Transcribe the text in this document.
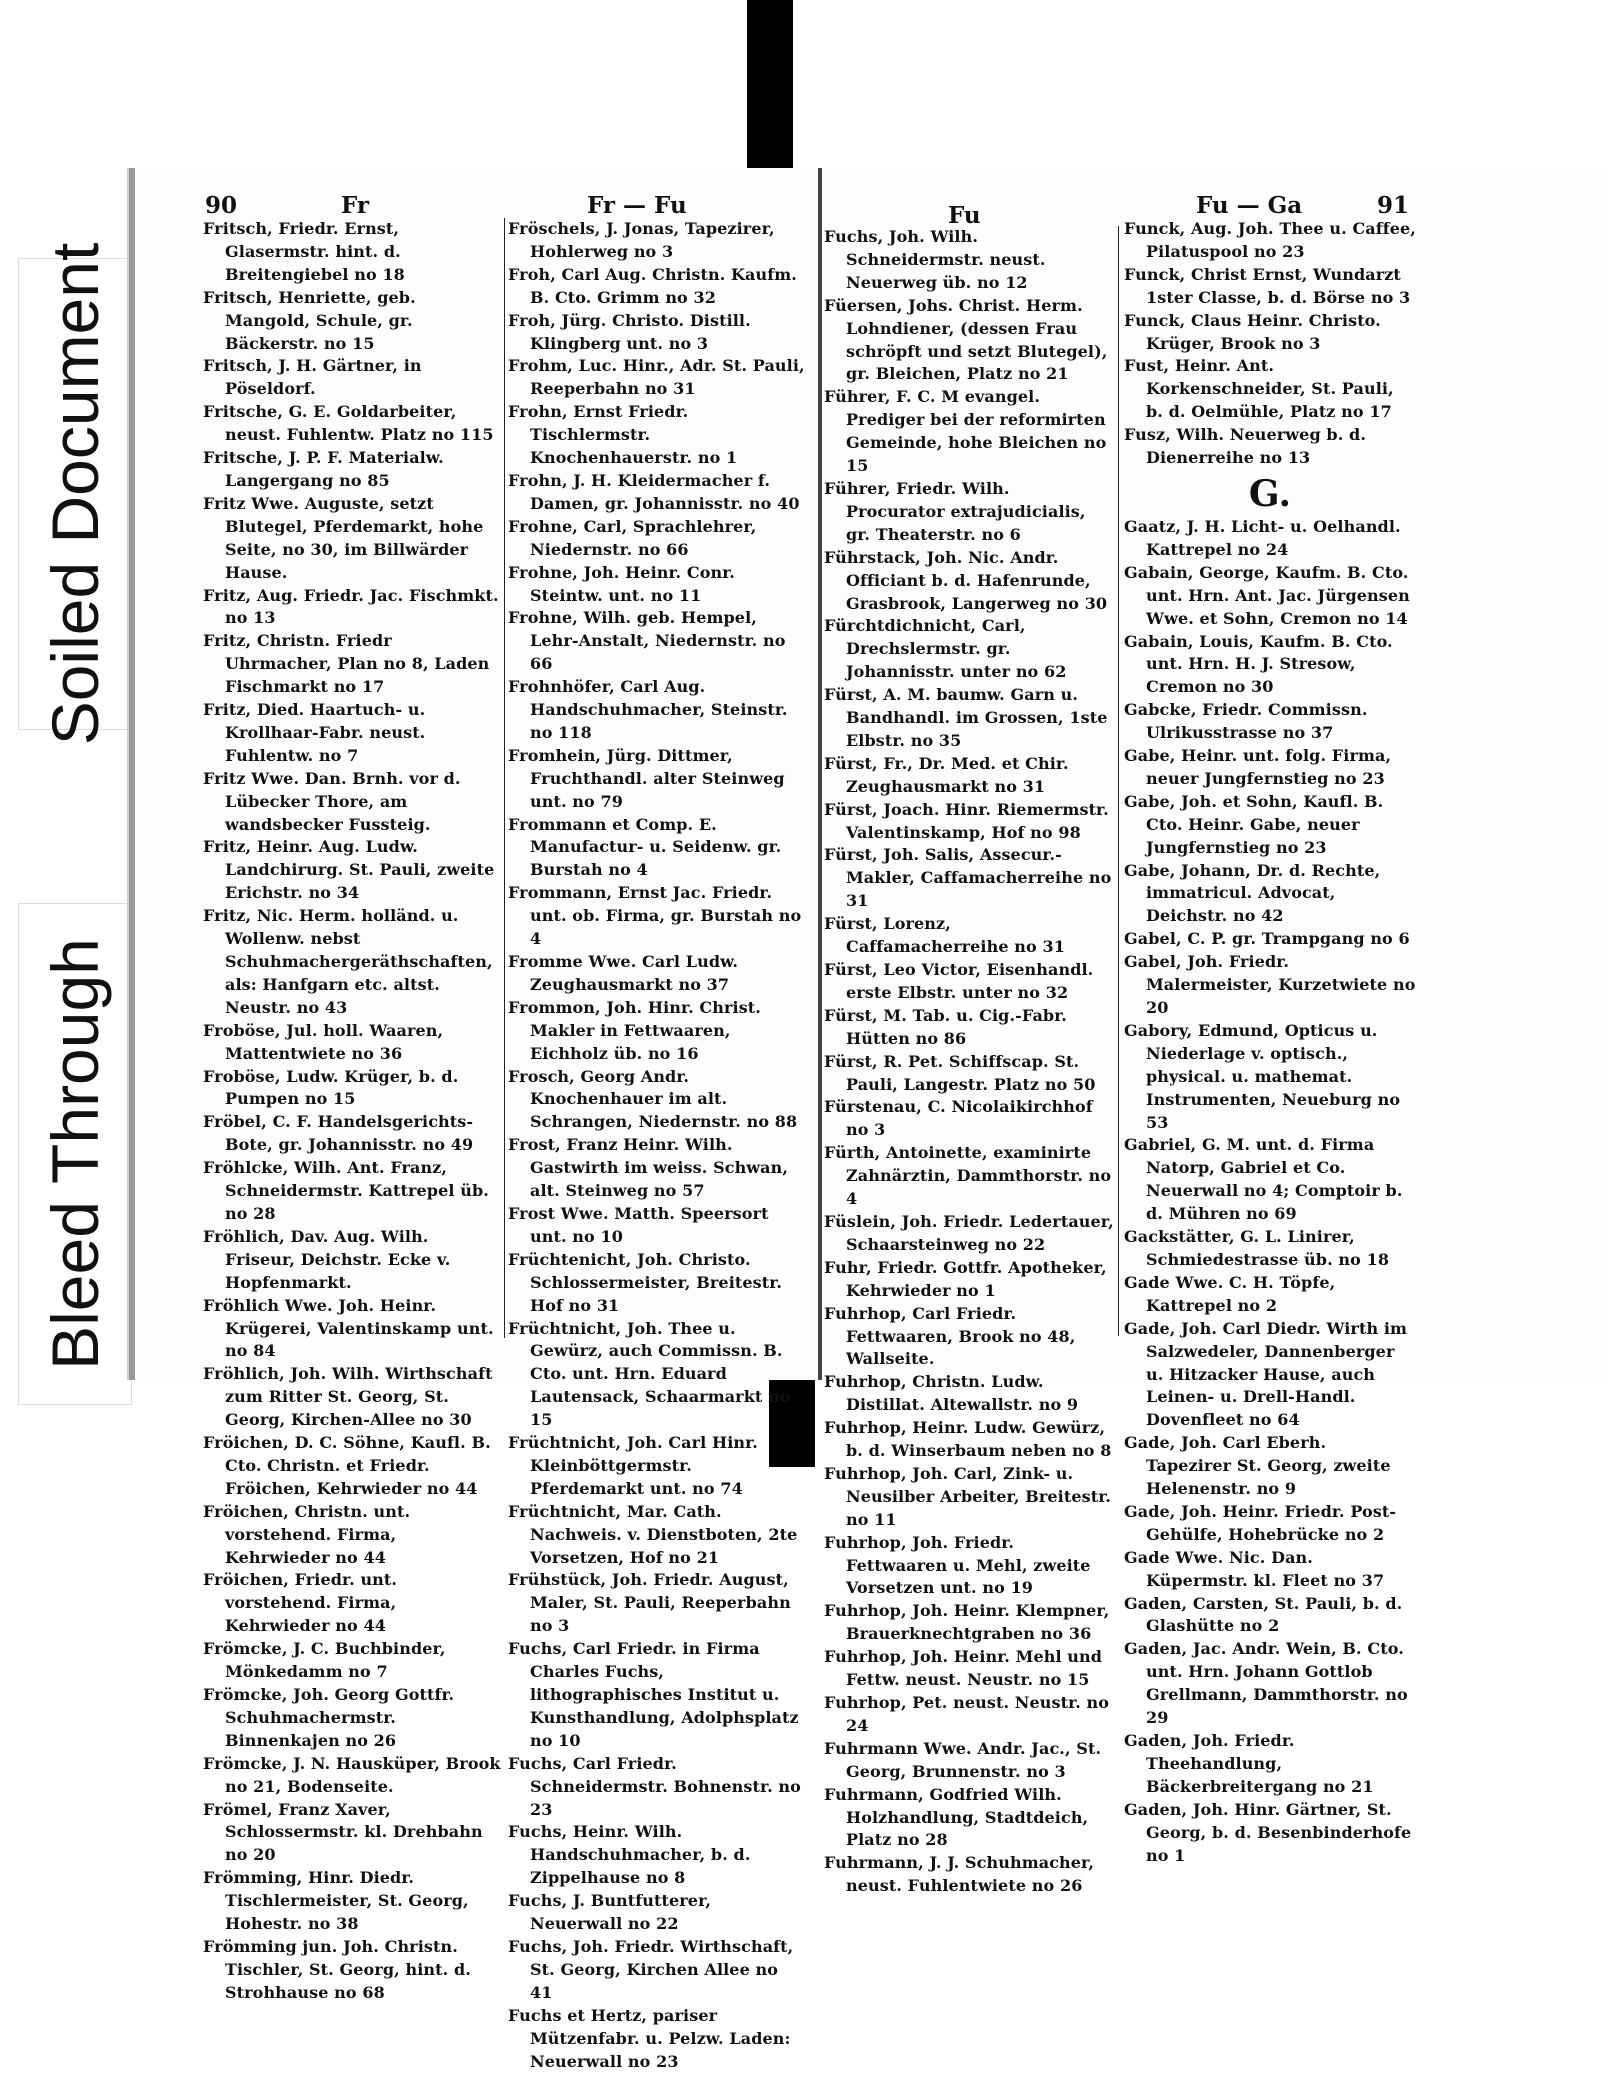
Soiled Document
Bleed Through
90	Fr	Fr — Fu
Fritsch, Friedr. Ernst, Glasermstr. hint. d. Breitengiebel no 18
Fritsch, Henriette, geb. Mangold, Schule, gr. Bäckerstr. no 15
Fritsch, J. H. Gärtner, in Pöseldorf.
Fritsche, G. E. Goldarbeiter, neust. Fuhlentw. Platz no 115
Fritsche, J. P. F. Materialw. Langergang no 85
Fritz Wwe. Auguste, setzt Blutegel, Pferdemarkt, hohe Seite, no 30, im Billwärder Hause.
Fritz, Aug. Friedr. Jac. Fischmkt. no 13
Fritz, Christn. Friedr Uhrmacher, Plan no 8, Laden Fischmarkt no 17
Fritz, Died. Haartuch- u. Krollhaar-Fabr. neust. Fuhlentw. no 7
Fritz Wwe. Dan. Brnh. vor d. Lübecker Thore, am wandsbecker Fussteig.
Fritz, Heinr. Aug. Ludw. Landchirurg. St. Pauli, zweite Erichstr. no 34
Fritz, Nic. Herm. holländ. u. Wollenw. nebst Schuhmachergeräthschaften, als: Hanfgarn etc. altst. Neustr. no 43
Froböse, Jul. holl. Waaren, Mattentwiete no 36
Froböse, Ludw. Krüger, b. d. Pumpen no 15
Fröbel, C. F. Handelsgerichts-Bote, gr. Johannisstr. no 49
Fröhlcke, Wilh. Ant. Franz, Schneidermstr. Kattrepel üb. no 28
Fröhlich, Dav. Aug. Wilh. Friseur, Deichstr. Ecke v. Hopfenmarkt.
Fröhlich Wwe. Joh. Heinr. Krügerei, Valentinskamp unt. no 84
Fröhlich, Joh. Wilh. Wirthschaft zum Ritter St. Georg, St. Georg, Kirchen-Allee no 30
Fröichen, D. C. Söhne, Kaufl. B. Cto. Christn. et Friedr. Fröichen, Kehrwieder no 44
Fröichen, Christn. unt. vorstehend. Firma, Kehrwieder no 44
Fröichen, Friedr. unt. vorstehend. Firma, Kehrwieder no 44
Frömcke, J. C. Buchbinder, Mönkedamm no 7
Frömcke, Joh. Georg Gottfr. Schuhmachermstr. Binnenkajen no 26
Frömcke, J. N. Hausküper, Brook no 21, Bodenseite.
Frömel, Franz Xaver, Schlossermstr. kl. Drehbahn no 20
Frömming, Hinr. Diedr. Tischlermeister, St. Georg, Hohestr. no 38
Frömming jun. Joh. Christn. Tischler, St. Georg, hint. d. Strohhause no 68
Fröschels, J. Jonas, Tapezirer, Hohlerweg no 3
Froh, Carl Aug. Christn. Kaufm. B. Cto. Grimm no 32
Froh, Jürg. Christo. Distill. Klingberg unt. no 3
Frohm, Luc. Hinr., Adr. St. Pauli, Reeperbahn no 31
Frohn, Ernst Friedr. Tischlermstr. Knochenhauerstr. no 1
Frohn, J. H. Kleidermacher f. Damen, gr. Johannisstr. no 40
Frohne, Carl, Sprachlehrer, Niedernstr. no 66
Frohne, Joh. Heinr. Conr. Steintw. unt. no 11
Frohne, Wilh. geb. Hempel, Lehr-Anstalt, Niedernstr. no 66
Frohnhöfer, Carl Aug. Handschuhmacher, Steinstr. no 118
Fromhein, Jürg. Dittmer, Fruchthandl. alter Steinweg unt. no 79
Frommann et Comp. E. Manufactur- u. Seidenw. gr. Burstah no 4
Frommann, Ernst Jac. Friedr. unt. ob. Firma, gr. Burstah no 4
Fromme Wwe. Carl Ludw. Zeughausmarkt no 37
Frommon, Joh. Hinr. Christ. Makler in Fettwaaren, Eichholz üb. no 16
Frosch, Georg Andr. Knochenhauer im alt. Schrangen, Niedernstr. no 88
Frost, Franz Heinr. Wilh. Gastwirth im weiss. Schwan, alt. Steinweg no 57
Frost Wwe. Matth. Speersort unt. no 10
Früchtenicht, Joh. Christo. Schlossermeister, Breitestr. Hof no 31
Früchtnicht, Joh. Thee u. Gewürz, auch Commissn. B. Cto. unt. Hrn. Eduard Lautensack, Schaarmarkt no 15
Früchtnicht, Joh. Carl Hinr. Kleinböttgermstr. Pferdemarkt unt. no 74
Früchtnicht, Mar. Cath. Nachweis. v. Dienstboten, 2te Vorsetzen, Hof no 21
Frühstück, Joh. Friedr. August, Maler, St. Pauli, Reeperbahn no 3
Fuchs, Carl Friedr. in Firma Charles Fuchs, lithographisches Institut u. Kunsthandlung, Adolphsplatz no 10
Fuchs, Carl Friedr. Schneidermstr. Bohnenstr. no 23
Fuchs, Heinr. Wilh. Handschuhmacher, b. d. Zippelhause no 8
Fuchs, J. Buntfutterer, Neuerwall no 22
Fuchs, Joh. Friedr. Wirthschaft, St. Georg, Kirchen Allee no 41
Fuchs et Hertz, pariser Mützenfabr. u. Pelzw. Laden: Neuerwall no 23
Fu	Fu — Ga	91
Fuchs, Joh. Wilh. Schneidermstr. neust. Neuerweg üb. no 12
Füersen, Johs. Christ. Herm. Lohndiener, (dessen Frau schröpft und setzt Blutegel), gr. Bleichen, Platz no 21
Führer, F. C. M evangel. Prediger bei der reformirten Gemeinde, hohe Bleichen no 15
Führer, Friedr. Wilh. Procurator extrajudicialis, gr. Theaterstr. no 6
Führstack, Joh. Nic. Andr. Officiant b. d. Hafenrunde, Grasbrook, Langerweg no 30
Fürchtdichnicht, Carl, Drechslermstr. gr. Johannisstr. unter no 62
Fürst, A. M. baumw. Garn u. Bandhandl. im Grossen, 1ste Elbstr. no 35
Fürst, Fr., Dr. Med. et Chir. Zeughausmarkt no 31
Fürst, Joach. Hinr. Riemermstr. Valentinskamp, Hof no 98
Fürst, Joh. Salis, Assecur.-Makler, Caffamacherreihe no 31
Fürst, Lorenz, Caffamacherreihe no 31
Fürst, Leo Victor, Eisenhandl. erste Elbstr. unter no 32
Fürst, M. Tab. u. Cig.-Fabr. Hütten no 86
Fürst, R. Pet. Schiffscap. St. Pauli, Langestr. Platz no 50
Fürstenau, C. Nicolaikirchhof no 3
Fürth, Antoinette, examinirte Zahnärztin, Dammthorstr. no 4
Füslein, Joh. Friedr. Ledertauer, Schaarsteinweg no 22
Fuhr, Friedr. Gottfr. Apotheker, Kehrwieder no 1
Fuhrhop, Carl Friedr. Fettwaaren, Brook no 48, Wallseite.
Fuhrhop, Christn. Ludw. Distillat. Altewallstr. no 9
Fuhrhop, Heinr. Ludw. Gewürz, b. d. Winserbaum neben no 8
Fuhrhop, Joh. Carl, Zink- u. Neusilber Arbeiter, Breitestr. no 11
Fuhrhop, Joh. Friedr. Fettwaaren u. Mehl, zweite Vorsetzen unt. no 19
Fuhrhop, Joh. Heinr. Klempner, Brauerknechtgraben no 36
Fuhrhop, Joh. Heinr. Mehl und Fettw. neust. Neustr. no 15
Fuhrhop, Pet. neust. Neustr. no 24
Fuhrmann Wwe. Andr. Jac., St. Georg, Brunnenstr. no 3
Fuhrmann, Godfried Wilh. Holzhandlung, Stadtdeich, Platz no 28
Fuhrmann, J. J. Schuhmacher, neust. Fuhlentwiete no 26
Funck, Aug. Joh. Thee u. Caffee, Pilatuspool no 23
Funck, Christ Ernst, Wundarzt 1ster Classe, b. d. Börse no 3
Funck, Claus Heinr. Christo. Krüger, Brook no 3
Fust, Heinr. Ant. Korkenschneider, St. Pauli, b. d. Oelmühle, Platz no 17
Fusz, Wilh. Neuerweg b. d. Dienerreihe no 13
G.
Gaatz, J. H. Licht- u. Oelhandl. Kattrepel no 24
Gabain, George, Kaufm. B. Cto. unt. Hrn. Ant. Jac. Jürgensen Wwe. et Sohn, Cremon no 14
Gabain, Louis, Kaufm. B. Cto. unt. Hrn. H. J. Stresow, Cremon no 30
Gabcke, Friedr. Commissn. Ulrikusstrasse no 37
Gabe, Heinr. unt. folg. Firma, neuer Jungfernstieg no 23
Gabe, Joh. et Sohn, Kaufl. B. Cto. Heinr. Gabe, neuer Jungfernstieg no 23
Gabe, Johann, Dr. d. Rechte, immatricul. Advocat, Deichstr. no 42
Gabel, C. P. gr. Trampgang no 6
Gabel, Joh. Friedr. Malermeister, Kurzetwiete no 20
Gabory, Edmund, Opticus u. Niederlage v. optisch., physical. u. mathemat. Instrumenten, Neueburg no 53
Gabriel, G. M. unt. d. Firma Natorp, Gabriel et Co. Neuerwall no 4; Comptoir b. d. Mühren no 69
Gackstätter, G. L. Linirer, Schmiedestrasse üb. no 18
Gade Wwe. C. H. Töpfe, Kattrepel no 2
Gade, Joh. Carl Diedr. Wirth im Salzwedeler, Dannenberger u. Hitzacker Hause, auch Leinen- u. Drell-Handl. Dovenfleet no 64
Gade, Joh. Carl Eberh. Tapezirer St. Georg, zweite Helenenstr. no 9
Gade, Joh. Heinr. Friedr. Post-Gehülfe, Hohebrücke no 2
Gade Wwe. Nic. Dan. Küpermstr. kl. Fleet no 37
Gaden, Carsten, St. Pauli, b. d. Glashütte no 2
Gaden, Jac. Andr. Wein, B. Cto. unt. Hrn. Johann Gottlob Grellmann, Dammthorstr. no 29
Gaden, Joh. Friedr. Theehandlung, Bäckerbreitergang no 21
Gaden, Joh. Hinr. Gärtner, St. Georg, b. d. Besenbinderhofe no 1
